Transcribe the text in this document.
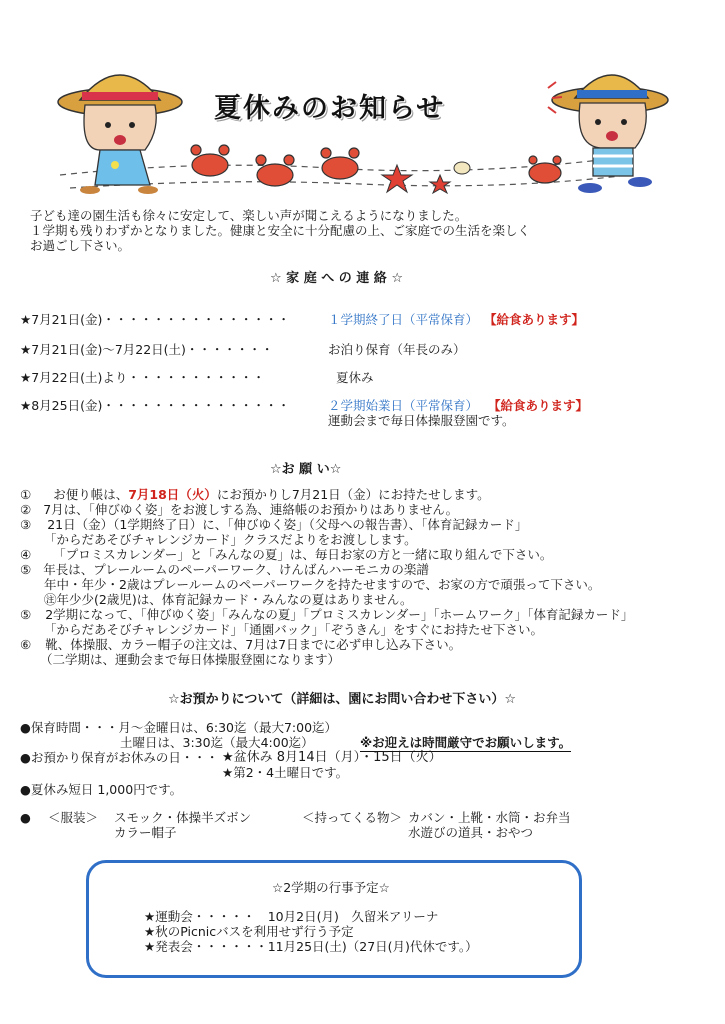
夏休みのお知らせ
子ども達の園生活も徐々に安定して、楽しい声が聞こえるようになりました。
１学期も残りわずかとなりました。健康と安全に十分配慮の上、ご家庭での生活を楽しく
お過ごし下さい。
☆ 家 庭 へ の 連 絡 ☆
★7月21日(金)・・・・・・・・・・・・・・・	１学期終了日（平常保育） 【給食あります】
★7月21日(金)〜7月22日(土)・・・・・・・	お泊り保育（年長のみ）
★7月22日(土)より・・・・・・・・・・・	夏休み
★8月25日(金)・・・・・・・・・・・・・・・	２学期始業日（平常保育） 【給食あります】
運動会まで毎日体操服登園です。
☆お 願 い☆
① お便り帳は、7月18日（火）にお預かりし7月21日（金）にお持たせします。
② 7月は、「伸びゆく姿」をお渡しする為、連絡帳のお預かりはありません。
③ 21日（金）（1学期終了日）に、「伸びゆく姿」（父母への報告書）、「体育記録カード」
「からだあそびチャレンジカード」クラスだよりをお渡しします。
④ 「プロミスカレンダー」と「みんなの夏」は、毎日お家の方と一緒に取り組んで下さい。
⑤ 年長は、プレールームのペーパーワーク、けんばんハーモニカの楽譜
年中・年少・2歳はプレールームのペーパーワークを持たせますので、お家の方で頑張って下さい。
㊟年少少(2歳児)は、体育記録カード・みんなの夏はありません。
⑤ 2学期になって、「伸びゆく姿」「みんなの夏」「プロミスカレンダー」「ホームワーク」「体育記録カード」
「からだあそびチャレンジカード」「通園バック」「ぞうきん」をすぐにお持たせ下さい。
⑥ 靴、体操服、カラー帽子の注文は、7月は7日までに必ず申し込み下さい。
（二学期は、運動会まで毎日体操服登園になります）
☆お預かりについて（詳細は、園にお問い合わせ下さい）☆
●保育時間・・・月〜金曜日は、6:30迄（最大7:00迄）
土曜日は、3:30迄（最大4:00迄）	※お迎えは時間厳守でお願いします。
●お預かり保育がお休みの日・・・ ★盆休み 8月14日（月）・15日（火）
★第2・4土曜日です。
●夏休み短日 1,000円です。
● ＜服装＞ スモック・体操半ズボン
カラー帽子
＜持ってくる物＞ カバン・上靴・水筒・お弁当
水遊びの道具・おやつ
☆2学期の行事予定☆
★運動会・・・・・　10月2日(月)　久留米アリーナ
★秋のPicnicバスを利用せず行う予定
★発表会・・・・・・11月25日(土)（27日(月)代休です。）
